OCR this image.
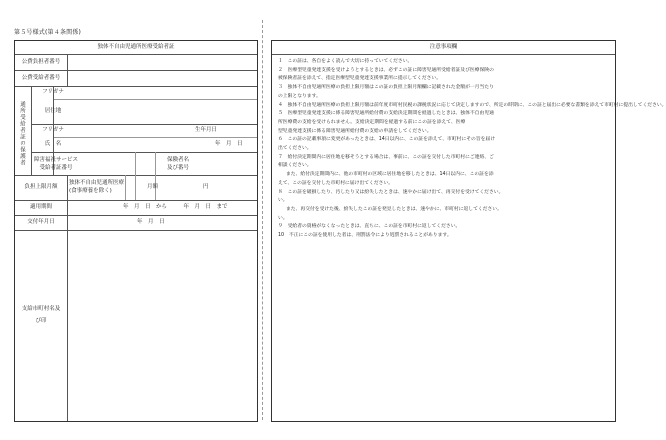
第５号様式(第４条関係)
独体不自由児通所医療受給者証
公費負担者番号
公費受給者番号
通所受給者証の保護者
フリガナ
居住地
フリガナ
氏　名
生年月日
年　月　日
障害福祉サービス
受給者証番号
保険者名
及び番号
負担上限月額
独体不自由児通所医療
(食事療養を除く)
月額	円
適用期間	年　月　日　から　　　年　月　日　まで
交付年月日	年　月　日
支給市町村名及
び印
注意事項欄
１　この証は、各自をよく読んで大切に持っていてください。
２　医療型児童発達支援を受けようとするときは、必ずこの証に障害児通所受給者証及び医療保険の
被保険者証を添えて、指定医療型児童発達支援事業所に提示してください。
３　独体不自由児通所医療の負担上限月額はこの証の負担上限月額欄に記載された金額が一月当たり
の上限となります。
４　独体不自由児通所医療の負担上限月額は前年度市町村民税の課税状況に応じて決定しますので、所定の時期に、この証と届出に必要な書類を添えて市町村に提出してください。
５　医療型児童発達支援に係る障害児通所給付費の支給決定期間を経過したときは、独体不自由児通
所医療費の支給を受けられません。支給決定期間を経過する前にこの証を添えて、医療
型児童発達支援に係る障害児通所給付費の支給の申請をしてください。
６　この証の記載事項に変更があったときは、14日以内に、この証を添えて、市町村にその旨を届け
出てください。
７　給付決定期間内に居住地を移そうとする場合は、事前に、この証を交付した市町村にご連絡、ご
相談ください。
また、給付決定期間内に、他の市町村の区域に居住地を移したときは、14日以内に、この証を添
えて、この証を交付した市町村に届け出てください。
８　この証を破損したり、汚したり又は紛失したときは、速やかに届け出て、再交付を受けてください。
い。
また、再交付を受けた後、紛失したこの証を発見したときは、速やかに、市町村に返してください。
い。
９　受給者の資格がなくなったときは、直ちに、この証を市町村に返してください。
10　不正にこの証を使用した者は、刑罰法令により処罰されることがあります。
